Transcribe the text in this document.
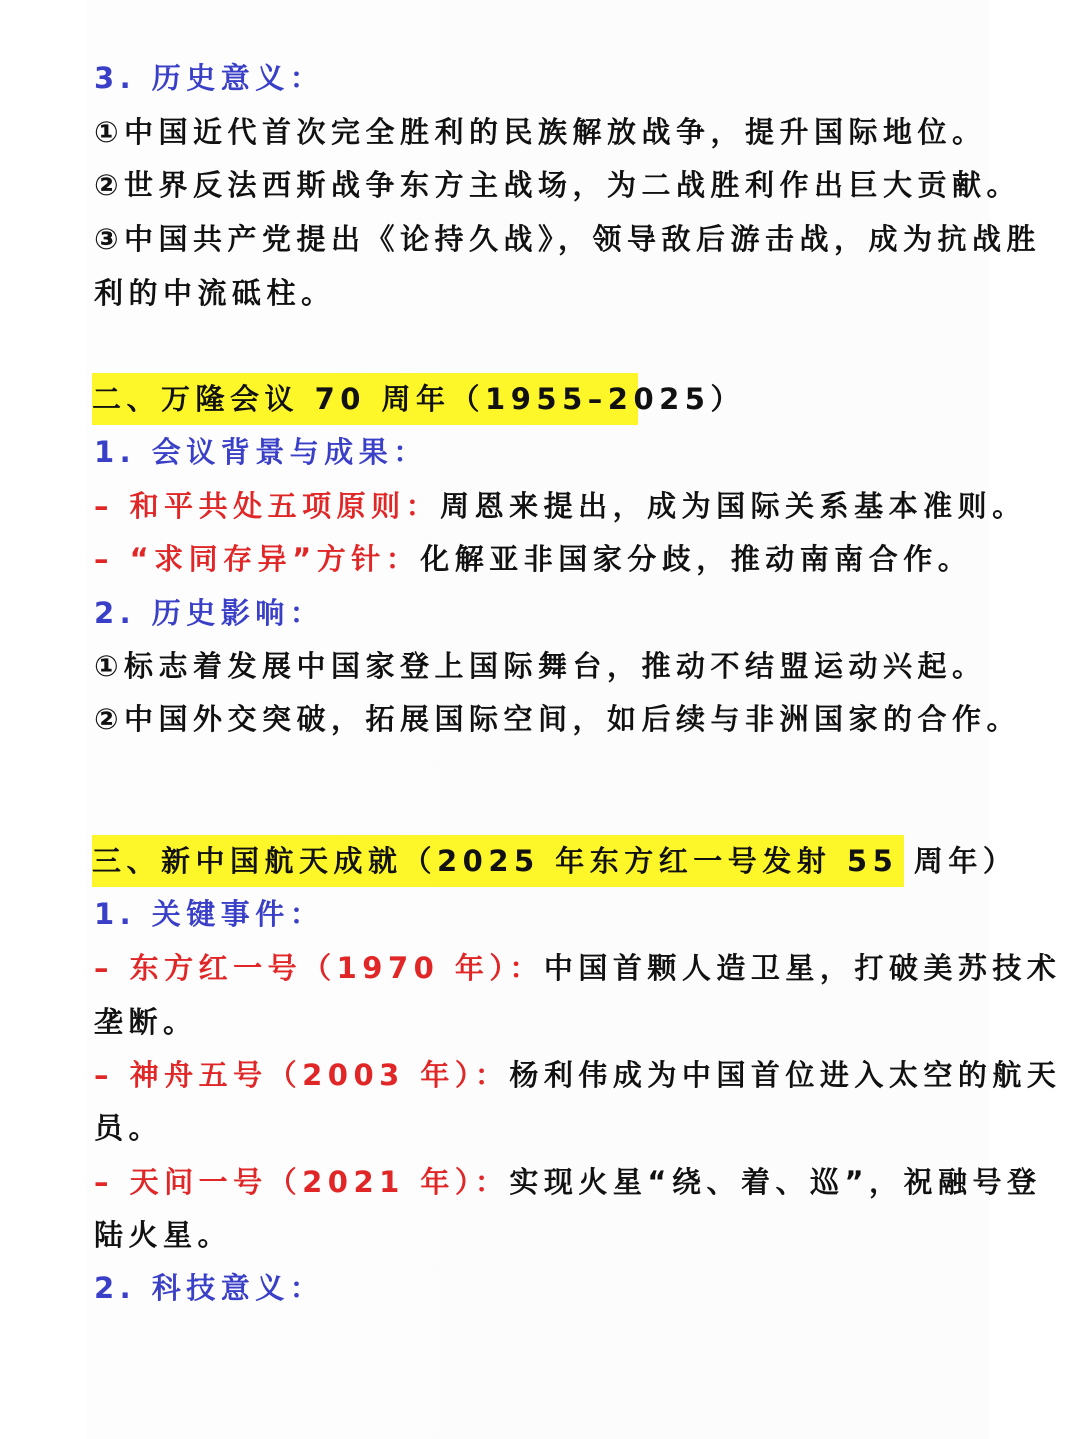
3. 历史意义：
①中国近代首次完全胜利的民族解放战争，提升国际地位。
②世界反法西斯战争东方主战场，为二战胜利作出巨大贡献。
③中国共产党提出《论持久战》，领导敌后游击战，成为抗战胜
利的中流砥柱。
二、万隆会议 70 周年（1955–2025）
1. 会议背景与成果：
– 和平共处五项原则：周恩来提出，成为国际关系基本准则。
– “求同存异”方针：化解亚非国家分歧，推动南南合作。
2. 历史影响：
①标志着发展中国家登上国际舞台，推动不结盟运动兴起。
②中国外交突破，拓展国际空间，如后续与非洲国家的合作。
三、新中国航天成就（2025 年东方红一号发射 55 周年）
1. 关键事件：
– 东方红一号（1970 年）：中国首颗人造卫星，打破美苏技术
垄断。
– 神舟五号（2003 年）：杨利伟成为中国首位进入太空的航天
员。
– 天问一号（2021 年）：实现火星“绕、着、巡”，祝融号登
陆火星。
2. 科技意义：
